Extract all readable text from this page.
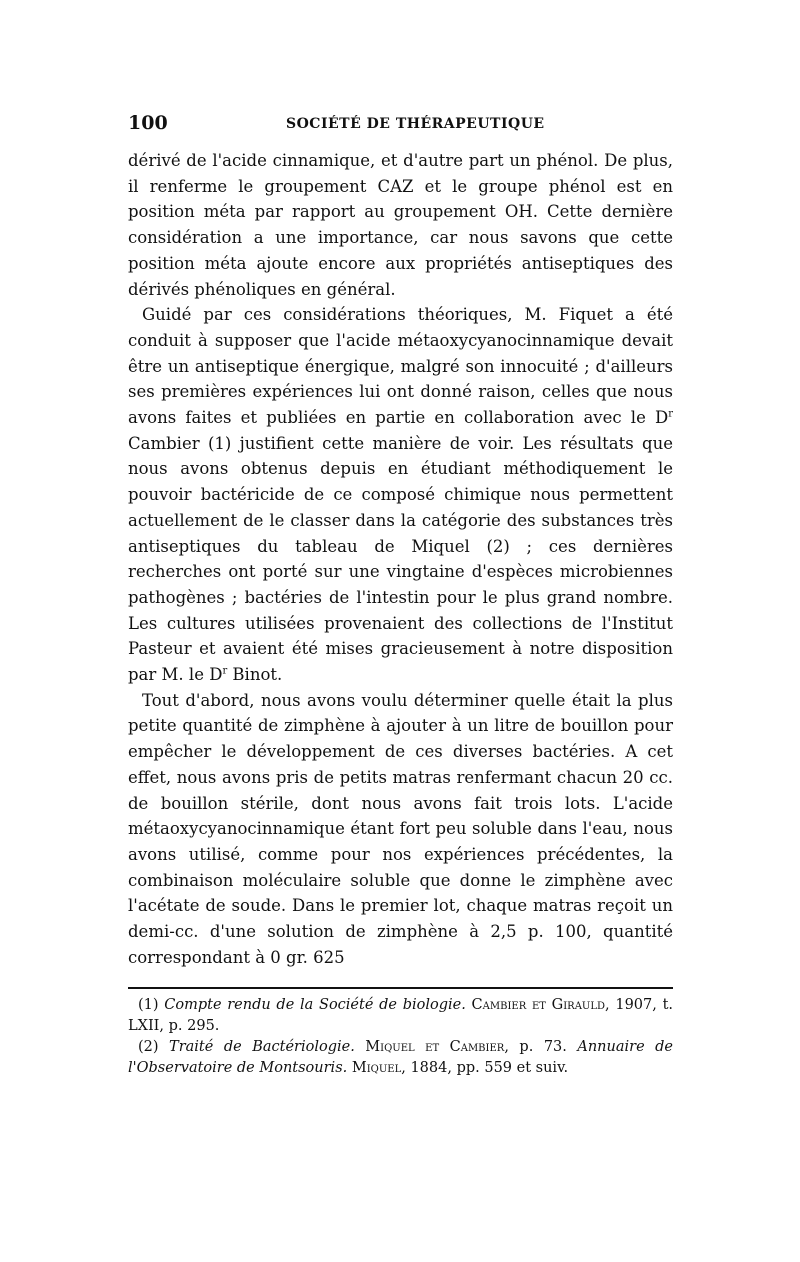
100	SOCIÉTÉ DE THÉRAPEUTIQUE

dérivé de l'acide cinnamique, et d'autre part un phénol. De plus, il renferme le groupement CAZ et le groupe phénol est en position méta par rapport au groupement OH. Cette dernière considération a une importance, car nous savons que cette position méta ajoute encore aux propriétés antiseptiques des dérivés phénoliques en général.

Guidé par ces considérations théoriques, M. Fiquet a été conduit à supposer que l'acide métaoxycyanocinnamique devait être un antiseptique énergique, malgré son innocuité ; d'ailleurs ses premières expériences lui ont donné raison, celles que nous avons faites et publiées en partie en collaboration avec le $D^r$ Cambier (1) justifient cette manière de voir. Les résultats que nous avons obtenus depuis en étudiant méthodiquement le pouvoir bactéricide de ce composé chimique nous permettent actuellement de le classer dans la catégorie des substances très antiseptiques du tableau de Miquel (2) ; ces dernières recherches ont porté sur une vingtaine d'espèces microbiennes pathogènes ; bactéries de l'intestin pour le plus grand nombre. Les cultures utilisées provenaient des collections de l'Institut Pasteur et avaient été mises gracieusement à notre disposition par M. le $D^r$ Binot.

Tout d'abord, nous avons voulu déterminer quelle était la plus petite quantité de zimphène à ajouter à un litre de bouillon pour empêcher le développement de ces diverses bactéries. A cet effet, nous avons pris de petits matras renfermant chacun 20 cc. de bouillon stérile, dont nous avons fait trois lots. L'acide métaoxycyanocinnamique étant fort peu soluble dans l'eau, nous avons utilisé, comme pour nos expériences précédentes, la combinaison moléculaire soluble que donne le zimphène avec l'acétate de soude. Dans le premier lot, chaque matras reçoit un demi-cc. d'une solution de zimphène à 2,5 p. 100, quantité correspondant à 0 gr. 625

(1) Compte rendu de la Société de biologie. Cambier et Girauld, 1907, t. LXII, p. 295.

(2) Traité de Bactériologie. Miquel et Cambier, p. 73. Annuaire de l'Observatoire de Montsouris. Miquel, 1884, pp. 559 et suiv.
